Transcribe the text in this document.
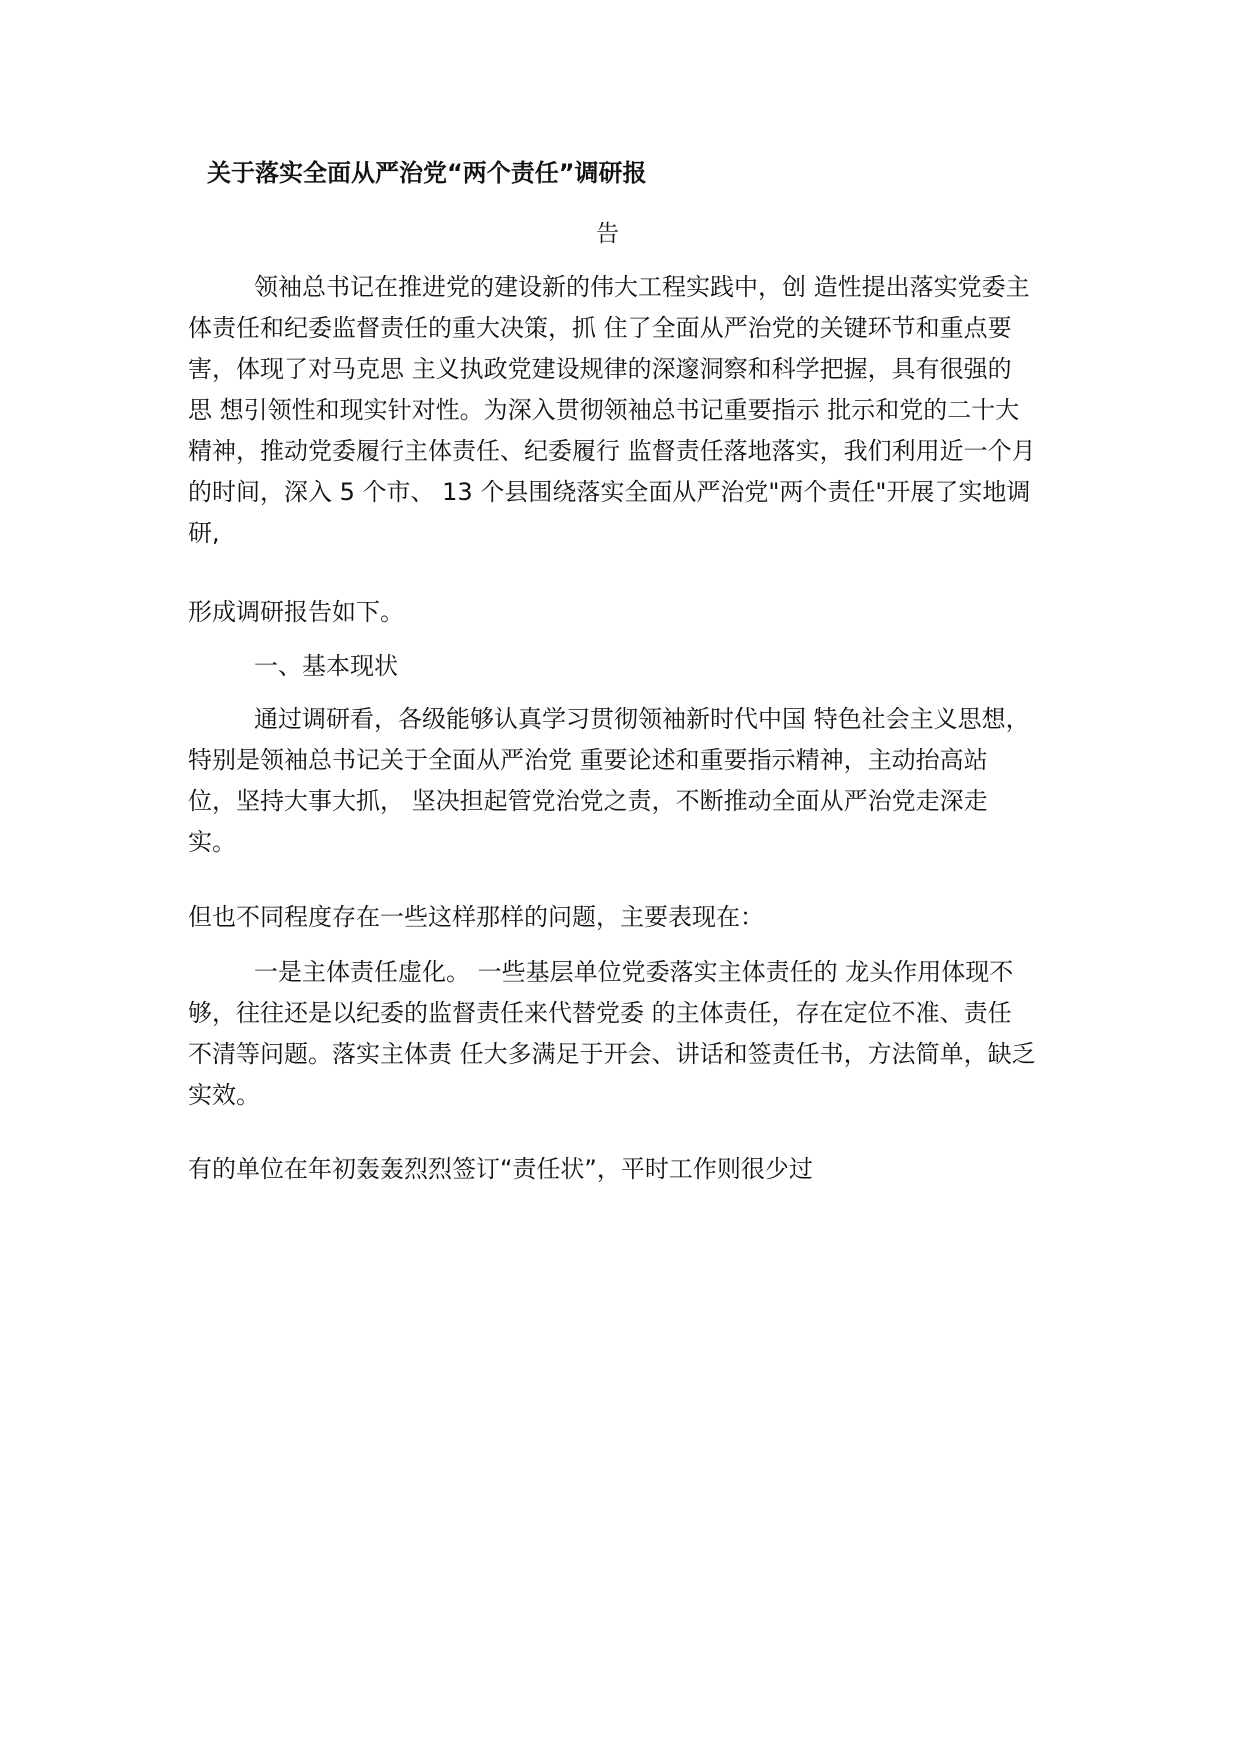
关于落实全面从严治党“两个责任”调研报
告
领袖总书记在推进党的建设新的伟大工程实践中，创 造性提出落实党委主
体责任和纪委监督责任的重大决策，抓 住了全面从严治党的关键环节和重点要
害，体现了对马克思 主义执政党建设规律的深邃洞察和科学把握，具有很强的
思 想引领性和现实针对性。为深入贯彻领袖总书记重要指示 批示和党的二十大
精神，推动党委履行主体责任、纪委履行 监督责任落地落实，我们利用近一个月
的时间，深入 5 个市、 13 个县围绕落实全面从严治党"两个责任"开展了实地调
研,
形成调研报告如下。
一、基本现状
通过调研看，各级能够认真学习贯彻领袖新时代中国 特色社会主义思想，
特别是领袖总书记关于全面从严治党 重要论述和重要指示精神，主动抬高站
位，坚持大事大抓， 坚决担起管党治党之责，不断推动全面从严治党走深走
实。
但也不同程度存在一些这样那样的问题，主要表现在：
一是主体责任虚化。 一些基层单位党委落实主体责任的 龙头作用体现不
够，往往还是以纪委的监督责任来代替党委 的主体责任，存在定位不准、责任
不清等问题。落实主体责 任大多满足于开会、讲话和签责任书，方法简单，缺乏
实效。
有的单位在年初轰轰烈烈签订“责任状”，平时工作则很少过
